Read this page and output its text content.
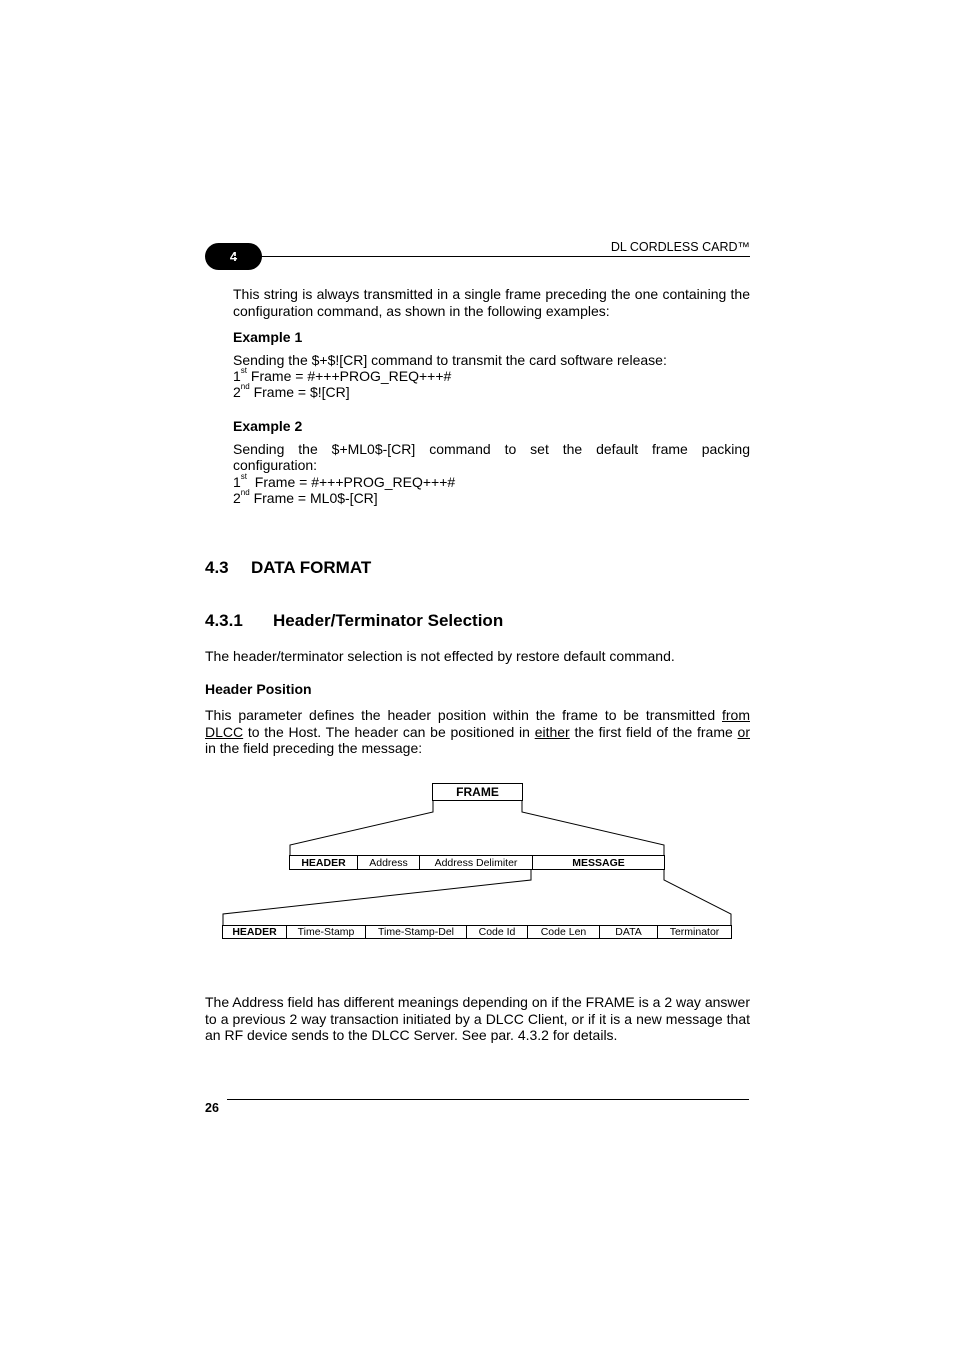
4
DL CORDLESS CARD™
This string is always transmitted in a single frame preceding the one containing the configuration command, as shown in the following examples:
Example 1
Sending the $+$![CR] command to transmit the card software release:
1st Frame = #+++PROG_REQ+++#
2nd Frame = $![CR]
Example 2
Sending the $+ML0$-[CR] command to set the default frame packing
configuration:
1st  Frame = #+++PROG_REQ+++#
2nd Frame = ML0$-[CR]
4.3 DATA FORMAT
4.3.1 Header/Terminator Selection
The header/terminator selection is not effected by restore default command.
Header Position
This parameter defines the header position within the frame to be transmitted from DLCC to the Host. The header can be positioned in either the first field of the frame or in the field preceding the message:
FRAME
HEADER	Address	Address Delimiter	MESSAGE
HEADER	Time-Stamp	Time-Stamp-Del	Code Id	Code Len	DATA	Terminator
The Address field has different meanings depending on if the FRAME is a 2 way answer to a previous 2 way transaction initiated by a DLCC Client, or if it is a new message that an RF device sends to the DLCC Server. See par. 4.3.2 for details.
26
